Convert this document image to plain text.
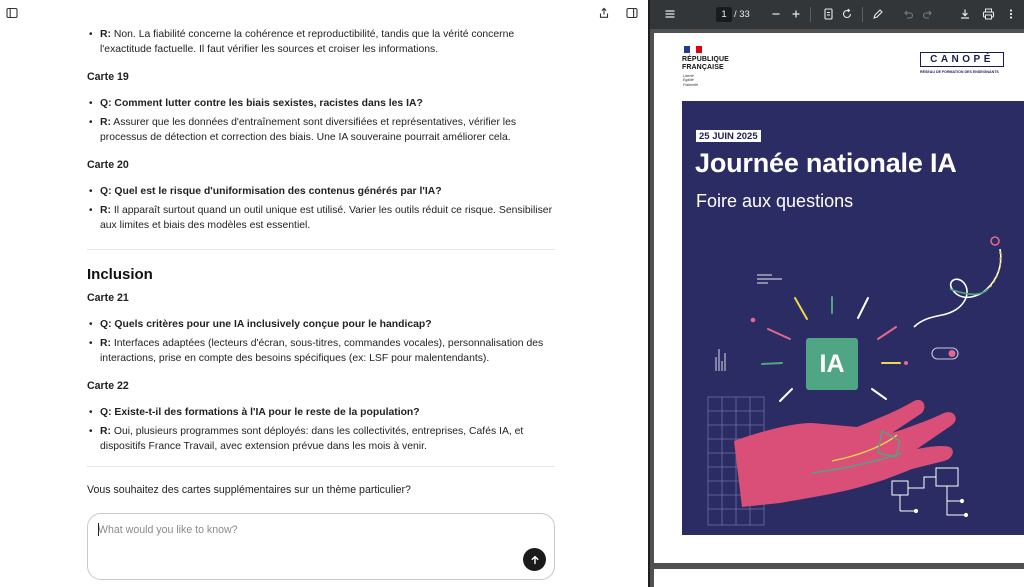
• R: Non. La fiabilité concerne la cohérence et reproductibilité, tandis que la vérité concerne l'exactitude factuelle. Il faut vérifier les sources et croiser les informations.
Carte 19
• Q: Comment lutter contre les biais sexistes, racistes dans les IA?
• R: Assurer que les données d'entraînement sont diversifiées et représentatives, vérifier les processus de détection et correction des biais. Une IA souveraine pourrait améliorer cela.
Carte 20
• Q: Quel est le risque d'uniformisation des contenus générés par l'IA?
• R: Il apparaît surtout quand un outil unique est utilisé. Varier les outils réduit ce risque. Sensibiliser aux limites et biais des modèles est essentiel.
Inclusion
Carte 21
• Q: Quels critères pour une IA inclusively conçue pour le handicap?
• R: Interfaces adaptées (lecteurs d'écran, sous-titres, commandes vocales), personnalisation des interactions, prise en compte des besoins spécifiques (ex: LSF pour malentendants).
Carte 22
• Q: Existe-t-il des formations à l'IA pour le reste de la population?
• R: Oui, plusieurs programmes sont déployés: dans les collectivités, entreprises, Cafés IA, et dispositifs France Travail, avec extension prévue dans les mois à venir.
Vous souhaitez des cartes supplémentaires sur un thème particulier?
What would you like to know?
1 / 33
RÉPUBLIQUE
FRANÇAISE
Liberté
Égalité
Fraternité
CANOPÉ
RÉSEAU DE FORMATION DES ENSEIGNANTS
25 JUIN 2025
Journée nationale IA
Foire aux questions
IA
